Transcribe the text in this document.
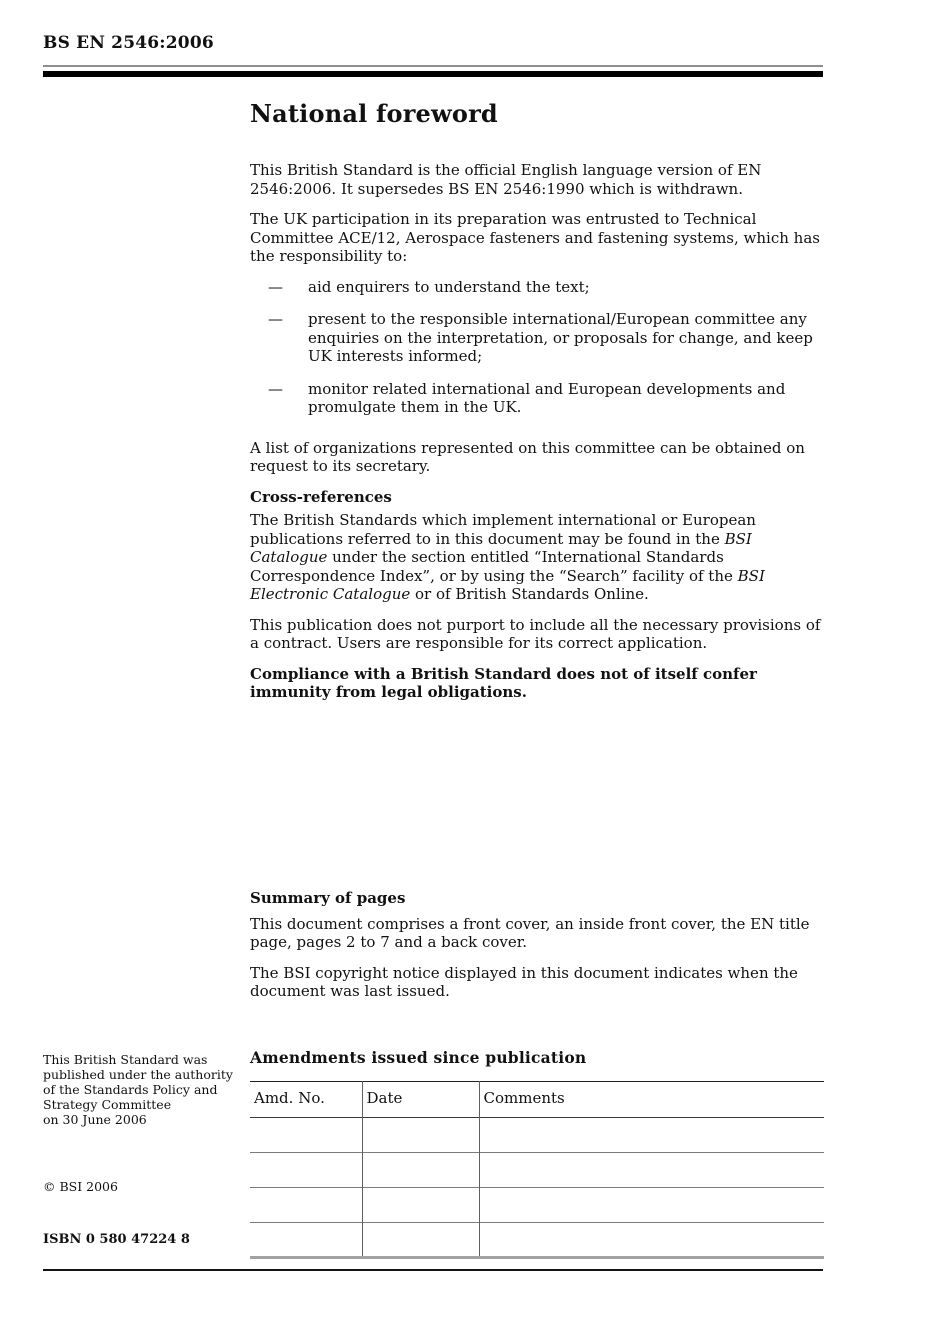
BS EN 2546:2006
National foreword

This British Standard is the official English language version of EN 2546:2006. It supersedes BS EN 2546:1990 which is withdrawn.

The UK participation in its preparation was entrusted to Technical Committee ACE/12, Aerospace fasteners and fastening systems, which has the responsibility to:

— aid enquirers to understand the text;
— present to the responsible international/European committee any enquiries on the interpretation, or proposals for change, and keep UK interests informed;
— monitor related international and European developments and promulgate them in the UK.

A list of organizations represented on this committee can be obtained on request to its secretary.

Cross-references

The British Standards which implement international or European publications referred to in this document may be found in the BSI Catalogue under the section entitled “International Standards Correspondence Index”, or by using the “Search” facility of the BSI Electronic Catalogue or of British Standards Online.

This publication does not purport to include all the necessary provisions of a contract. Users are responsible for its correct application.

Compliance with a British Standard does not of itself confer immunity from legal obligations.

Summary of pages

This document comprises a front cover, an inside front cover, the EN title page, pages 2 to 7 and a back cover.

The BSI copyright notice displayed in this document indicates when the document was last issued.

This British Standard was
published under the authority
of the Standards Policy and
Strategy Committee
on 30 June 2006
© BSI 2006
ISBN 0 580 47224 8
Amendments issued since publication
Amd. No.	Date	Comments
